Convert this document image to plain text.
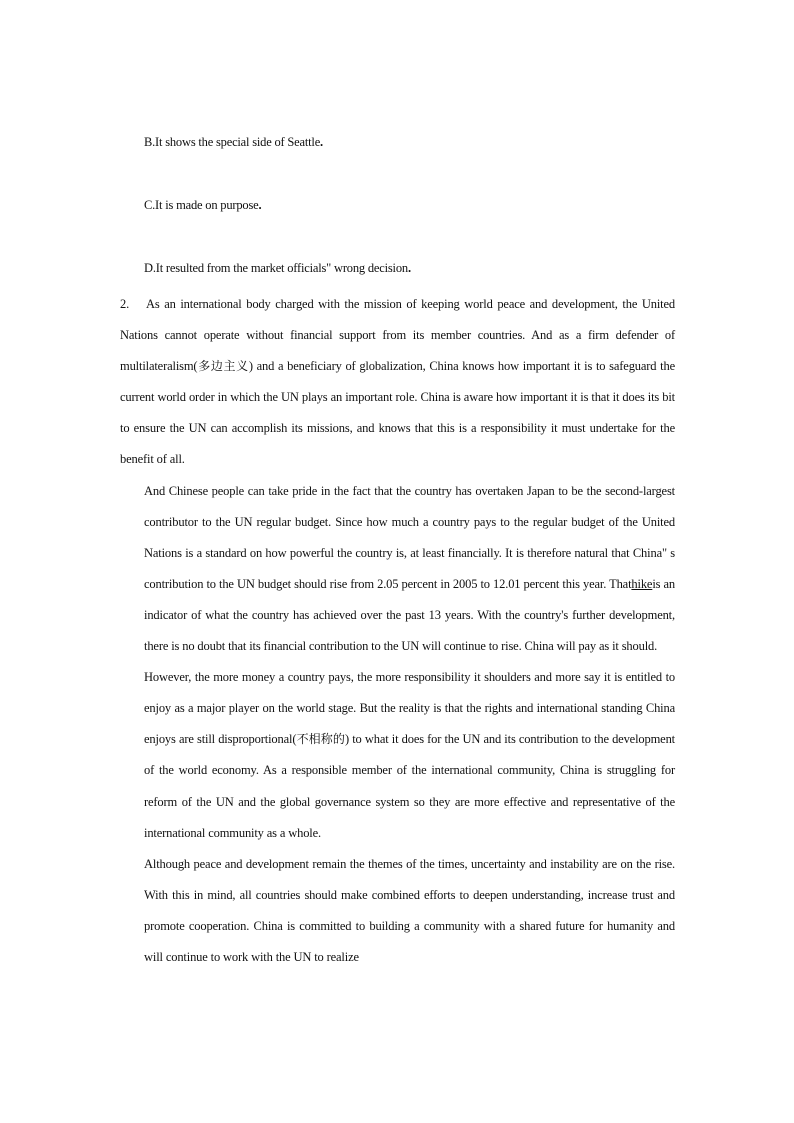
B.It shows the special side of Seattle.
C.It is made on purpose.
D.It resulted from the market officials" wrong decision.

2. As an international body charged with the mission of keeping world peace and development, the United Nations cannot operate without financial support from its member countries. And as a firm defender of multilateralism(多边主义) and a beneficiary of globalization, China knows how important it is to safeguard the current world order in which the UN plays an important role. China is aware how important it is that it does its bit to ensure the UN can accomplish its missions, and knows that this is a responsibility it must undertake for the benefit of all.

And Chinese people can take pride in the fact that the country has overtaken Japan to be the second-largest contributor to the UN regular budget. Since how much a country pays to the regular budget of the United Nations is a standard on how powerful the country is, at least financially. It is therefore natural that China" s contribution to the UN budget should rise from 2.05 percent in 2005 to 12.01 percent this year. Thathikeis an indicator of what the country has achieved over the past 13 years. With the country's further development, there is no doubt that its financial contribution to the UN will continue to rise. China will pay as it should.

However, the more money a country pays, the more responsibility it shoulders and more say it is entitled to enjoy as a major player on the world stage. But the reality is that the rights and international standing China enjoys are still disproportional(不相称的) to what it does for the UN and its contribution to the development of the world economy. As a responsible member of the international community, China is struggling for reform of the UN and the global governance system so they are more effective and representative of the international community as a whole.

Although peace and development remain the themes of the times, uncertainty and instability are on the rise. With this in mind, all countries should make combined efforts to deepen understanding, increase trust and promote cooperation. China is committed to building a community with a shared future for humanity and will continue to work with the UN to realize
